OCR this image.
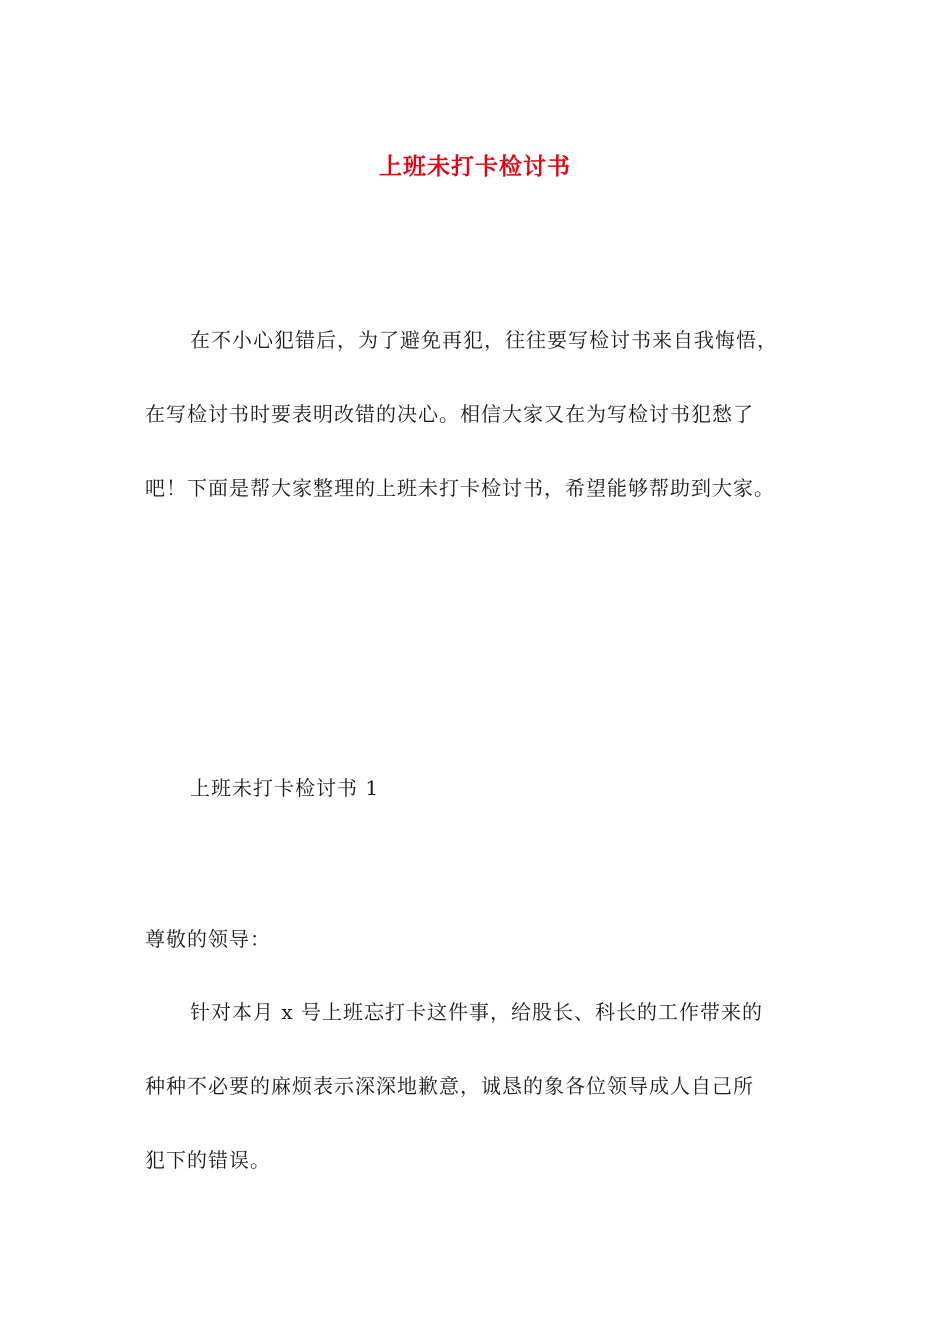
上班未打卡检讨书

在不小心犯错后，为了避免再犯，往往要写检讨书来自我悔悟，
在写检讨书时要表明改错的决心。相信大家又在为写检讨书犯愁了
吧！下面是帮大家整理的上班未打卡检讨书，希望能够帮助到大家。

上班未打卡检讨书 1

尊敬的领导：

针对本月 x 号上班忘打卡这件事，给股长、科长的工作带来的
种种不必要的麻烦表示深深地歉意，诚恳的象各位领导成人自己所
犯下的错误。
